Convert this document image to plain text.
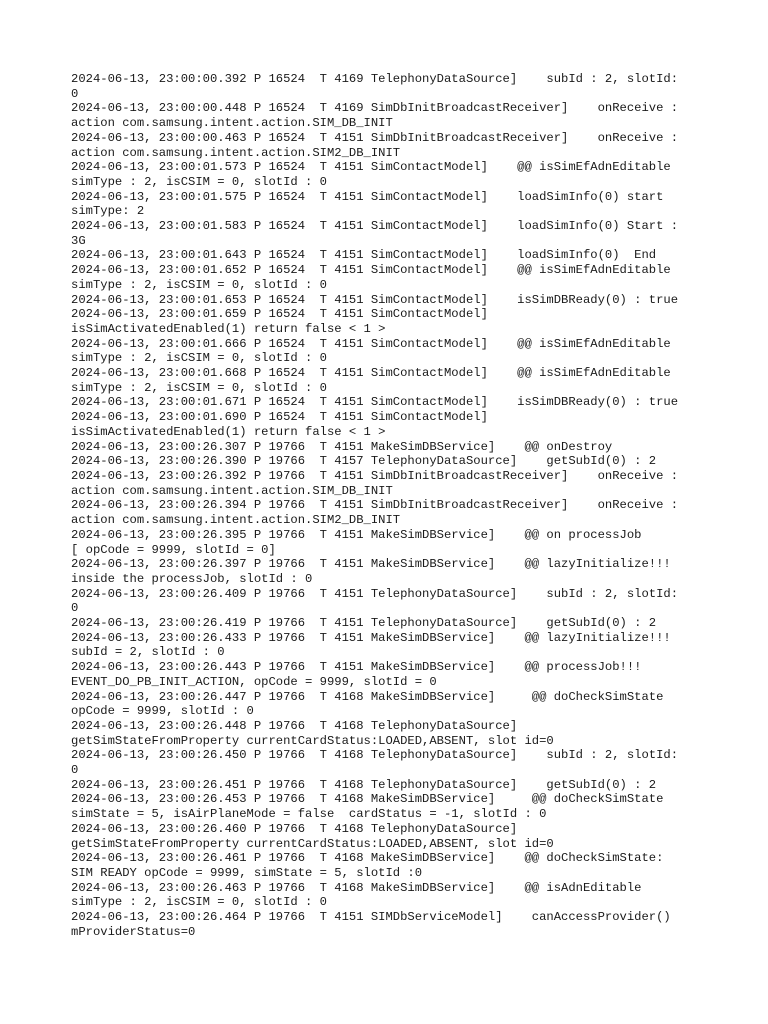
2024-06-13, 23:00:00.392 P 16524  T 4169 TelephonyDataSource]    subId : 2, slotId:
0
2024-06-13, 23:00:00.448 P 16524  T 4169 SimDbInitBroadcastReceiver]    onReceive :
action com.samsung.intent.action.SIM_DB_INIT
2024-06-13, 23:00:00.463 P 16524  T 4151 SimDbInitBroadcastReceiver]    onReceive :
action com.samsung.intent.action.SIM2_DB_INIT
2024-06-13, 23:00:01.573 P 16524  T 4151 SimContactModel]    @@ isSimEfAdnEditable
simType : 2, isCSIM = 0, slotId : 0
2024-06-13, 23:00:01.575 P 16524  T 4151 SimContactModel]    loadSimInfo(0) start
simType: 2
2024-06-13, 23:00:01.583 P 16524  T 4151 SimContactModel]    loadSimInfo(0) Start :
3G
2024-06-13, 23:00:01.643 P 16524  T 4151 SimContactModel]    loadSimInfo(0)  End
2024-06-13, 23:00:01.652 P 16524  T 4151 SimContactModel]    @@ isSimEfAdnEditable
simType : 2, isCSIM = 0, slotId : 0
2024-06-13, 23:00:01.653 P 16524  T 4151 SimContactModel]    isSimDBReady(0) : true
2024-06-13, 23:00:01.659 P 16524  T 4151 SimContactModel]
isSimActivatedEnabled(1) return false < 1 >
2024-06-13, 23:00:01.666 P 16524  T 4151 SimContactModel]    @@ isSimEfAdnEditable
simType : 2, isCSIM = 0, slotId : 0
2024-06-13, 23:00:01.668 P 16524  T 4151 SimContactModel]    @@ isSimEfAdnEditable
simType : 2, isCSIM = 0, slotId : 0
2024-06-13, 23:00:01.671 P 16524  T 4151 SimContactModel]    isSimDBReady(0) : true
2024-06-13, 23:00:01.690 P 16524  T 4151 SimContactModel]
isSimActivatedEnabled(1) return false < 1 >
2024-06-13, 23:00:26.307 P 19766  T 4151 MakeSimDBService]    @@ onDestroy
2024-06-13, 23:00:26.390 P 19766  T 4157 TelephonyDataSource]    getSubId(0) : 2
2024-06-13, 23:00:26.392 P 19766  T 4151 SimDbInitBroadcastReceiver]    onReceive :
action com.samsung.intent.action.SIM_DB_INIT
2024-06-13, 23:00:26.394 P 19766  T 4151 SimDbInitBroadcastReceiver]    onReceive :
action com.samsung.intent.action.SIM2_DB_INIT
2024-06-13, 23:00:26.395 P 19766  T 4151 MakeSimDBService]    @@ on processJob
[ opCode = 9999, slotId = 0]
2024-06-13, 23:00:26.397 P 19766  T 4151 MakeSimDBService]    @@ lazyInitialize!!!
inside the processJob, slotId : 0
2024-06-13, 23:00:26.409 P 19766  T 4151 TelephonyDataSource]    subId : 2, slotId:
0
2024-06-13, 23:00:26.419 P 19766  T 4151 TelephonyDataSource]    getSubId(0) : 2
2024-06-13, 23:00:26.433 P 19766  T 4151 MakeSimDBService]    @@ lazyInitialize!!!
subId = 2, slotId : 0
2024-06-13, 23:00:26.443 P 19766  T 4151 MakeSimDBService]    @@ processJob!!!
EVENT_DO_PB_INIT_ACTION, opCode = 9999, slotId = 0
2024-06-13, 23:00:26.447 P 19766  T 4168 MakeSimDBService]     @@ doCheckSimState
opCode = 9999, slotId : 0
2024-06-13, 23:00:26.448 P 19766  T 4168 TelephonyDataSource]
getSimStateFromProperty currentCardStatus:LOADED,ABSENT, slot id=0
2024-06-13, 23:00:26.450 P 19766  T 4168 TelephonyDataSource]    subId : 2, slotId:
0
2024-06-13, 23:00:26.451 P 19766  T 4168 TelephonyDataSource]    getSubId(0) : 2
2024-06-13, 23:00:26.453 P 19766  T 4168 MakeSimDBService]     @@ doCheckSimState
simState = 5, isAirPlaneMode = false  cardStatus = -1, slotId : 0
2024-06-13, 23:00:26.460 P 19766  T 4168 TelephonyDataSource]
getSimStateFromProperty currentCardStatus:LOADED,ABSENT, slot id=0
2024-06-13, 23:00:26.461 P 19766  T 4168 MakeSimDBService]    @@ doCheckSimState:
SIM READY opCode = 9999, simState = 5, slotId :0
2024-06-13, 23:00:26.463 P 19766  T 4168 MakeSimDBService]    @@ isAdnEditable
simType : 2, isCSIM = 0, slotId : 0
2024-06-13, 23:00:26.464 P 19766  T 4151 SIMDbServiceModel]    canAccessProvider()
mProviderStatus=0
